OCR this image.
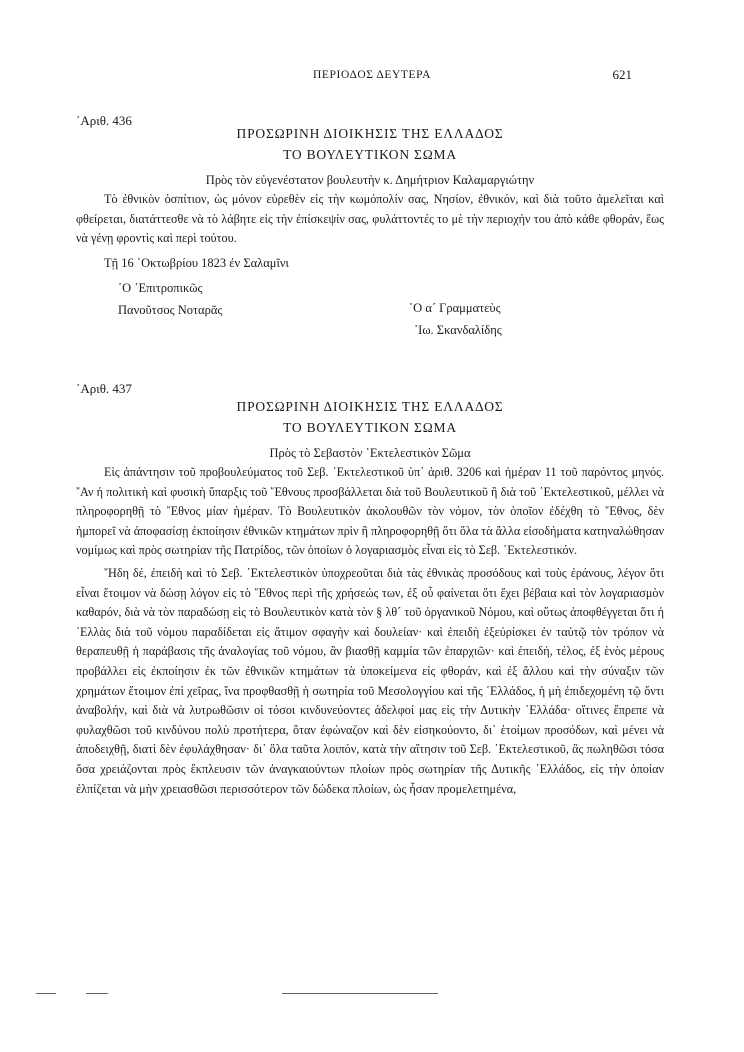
ΠΕΡΙΟΔΟΣ ΔΕΥΤΕΡΑ	621
᾿Αριθ. 436
ΠΡΟΣΩΡΙΝΗ ΔΙΟΙΚΗΣΙΣ ΤΗΣ ΕΛΛΑΔΟΣ
ΤΟ ΒΟΥΛΕΥΤΙΚΟΝ ΣΩΜΑ
Πρὸς τὸν εὐγενέστατον βουλευτὴν κ. Δημήτριον Καλαμαργιώτην

Τὸ ἐθνικὸν ὀσπίτιον, ὡς μόνον εὑρεθὲν εἰς τὴν κωμόπολίν σας, Νησίον, ἐθνικόν, καὶ διὰ τοῦτο ἀμελεῖται καὶ φθείρεται, διατάττεσθε νὰ τὸ λάβητε εἰς τὴν ἐπίσκεψίν σας, φυλάττοντές το μὲ τὴν περιοχήν του ἀπὸ κάθε φθοράν, ἕως νὰ γένῃ φροντὶς καὶ περὶ τούτου.

Τῇ 16 ᾿Οκτωβρίου 1823 ἐν Σαλαμῖνι
῾Ο ᾿Επιτροπικῶς
Πανοῦτσος Νοταρᾶς	῾Ο α´ Γραμματεὺς
᾿Ιω. Σκανδαλίδης
᾿Αριθ. 437
ΠΡΟΣΩΡΙΝΗ ΔΙΟΙΚΗΣΙΣ ΤΗΣ ΕΛΛΑΔΟΣ
ΤΟ ΒΟΥΛΕΥΤΙΚΟΝ ΣΩΜΑ
Πρὸς τὸ Σεβαστὸν ᾿Εκτελεστικὸν Σῶμα

Εἰς ἀπάντησιν τοῦ προβουλεύματος τοῦ Σεβ. ᾿Εκτελεστικοῦ ὑπ᾿ ἀριθ. 3206 καὶ ἡμέραν 11 τοῦ παρόντος μηνός. ῎Αν ἡ πολιτικὴ καὶ φυσικὴ ὕπαρξις τοῦ ῎Εθνους προσβάλλεται διὰ τοῦ Βουλευτικοῦ ἢ διὰ τοῦ ᾿Εκτελεστικοῦ, μέλλει νὰ πληροφορηθῇ τὸ ῎Εθνος μίαν ἡμέραν. Τὸ Βουλευτικὸν ἀκολουθῶν τὸν νόμον, τὸν ὁποῖον ἐδέχθη τὸ ῎Εθνος, δὲν ἠμπορεῖ νὰ ἀποφασίσῃ ἐκποίησιν ἐθνικῶν κτημάτων πρὶν ἢ πληροφορηθῇ ὅτι ὅλα τὰ ἄλλα εἰσοδήματα κατηναλώθησαν νομίμως καὶ πρὸς σωτηρίαν τῆς Πατρίδος, τῶν ὁποίων ὁ λογαριασμὸς εἶναι εἰς τὸ Σεβ. ᾿Εκτελεστικόν.

῎Ηδη δέ, ἐπειδὴ καὶ τὸ Σεβ. ᾿Εκτελεστικὸν ὑποχρεοῦται διὰ τὰς ἐθνικὰς προσόδους καὶ τοὺς ἐράνους, λέγον ὅτι εἶναι ἕτοιμον νὰ δώσῃ λόγον εἰς τὸ ῎Εθνος περὶ τῆς χρήσεώς των, ἐξ οὗ φαίνεται ὅτι ἔχει βέβαια καὶ τὸν λογαριασμὸν καθαρόν, διὰ νὰ τὸν παραδώσῃ εἰς τὸ Βουλευτικὸν κατὰ τὸν § λθ´ τοῦ ὀργανικοῦ Νόμου, καὶ οὕτως ἀποφθέγγεται ὅτι ἡ ῾Ελλὰς διὰ τοῦ νόμου παραδίδεται εἰς ἄτιμον σφαγὴν καὶ δουλείαν· καὶ ἐπειδὴ ἐξεύρίσκει ἐν ταὐτῷ τὸν τρόπον νὰ θεραπευθῇ ἡ παράβασις τῆς ἀναλογίας τοῦ νόμου, ἂν βιασθῇ καμμία τῶν ἐπαρχιῶν· καὶ ἐπειδή, τέλος, ἐξ ἑνὸς μέρους προβάλλει εἰς ἐκποίησιν ἐκ τῶν ἐθνικῶν κτημάτων τὰ ὑποκείμενα εἰς φθοράν, καὶ ἐξ ἄλλου καὶ τὴν σύναξιν τῶν χρημάτων ἕτοιμον ἐπὶ χεῖρας, ἵνα προφθασθῇ ἡ σωτηρία τοῦ Μεσολογγίου καὶ τῆς ῾Ελλάδος, ἡ μὴ ἐπιδεχομένη τῷ ὄντι ἀναβολήν, καὶ διὰ νὰ λυτρωθῶσιν οἱ τόσοι κινδυνεύοντες ἀδελφοί μας εἰς τὴν Δυτικὴν ῾Ελλάδα· οἵτινες ἔπρεπε νὰ φυλαχθῶσι τοῦ κινδύνου πολὺ προτήτερα, ὅταν ἐφώναζον καὶ δὲν εἰσηκούοντο, δι᾿ ἑτοίμων προσόδων, καὶ μένει νὰ ἀποδειχθῇ, διατὶ δὲν ἐφυλάχθησαν· δι᾿ ὅλα ταῦτα λοιπόν, κατὰ τὴν αἴτησιν τοῦ Σεβ. ᾿Εκτελεστικοῦ, ἂς πωληθῶσι τόσα ὅσα χρειάζονται πρὸς ἔκπλευσιν τῶν ἀναγκαιούντων πλοίων πρὸς σωτηρίαν τῆς Δυτικῆς ῾Ελλάδος, εἰς τὴν ὁποίαν ἐλπίζεται νὰ μὴν χρειασθῶσι περισσότερον τῶν δώδεκα πλοίων, ὡς ἦσαν προμελετημένα,
